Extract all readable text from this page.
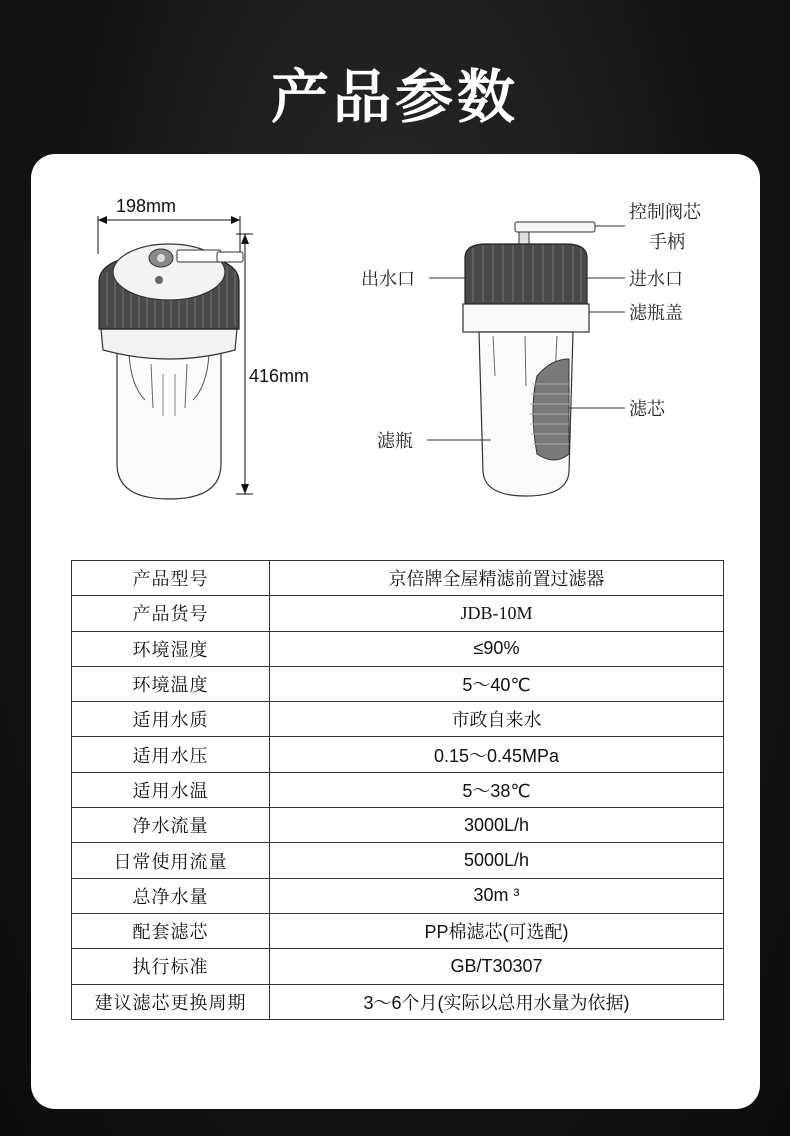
产品参数
198mm
416mm
控制阀芯
手柄
出水口	进水口
滤瓶盖
滤芯
滤瓶
产品型号	京倍牌全屋精滤前置过滤器
产品货号	JDB-10M
环境湿度	≤90%
环境温度	5～40℃
适用水质	市政自来水
适用水压	0.15～0.45MPa
适用水温	5～38℃
净水流量	3000L/h
日常使用流量	5000L/h
总净水量	30m ³
配套滤芯	PP棉滤芯(可选配)
执行标准	GB/T30307
建议滤芯更换周期	3～6个月(实际以总用水量为依据)
